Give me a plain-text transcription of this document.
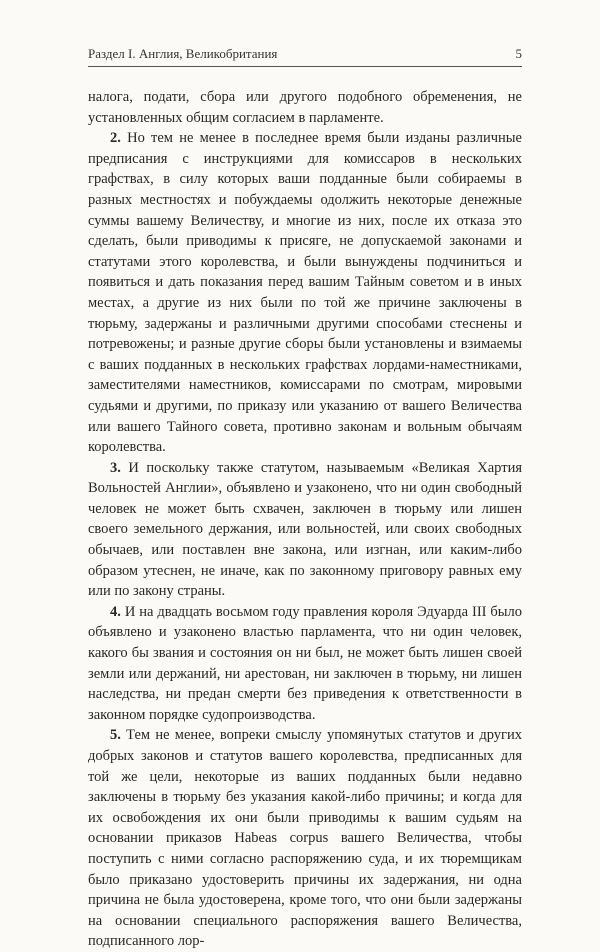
Раздел I. Англия, Великобритания	5

налога, подати, сбора или другого подобного обременения, не установленных общим согласием в парламенте.

2. Но тем не менее в последнее время были изданы различные предписания с инструкциями для комиссаров в нескольких графствах, в силу которых ваши подданные были собираемы в разных местностях и побуждаемы одолжить некоторые денежные суммы вашему Величеству, и многие из них, после их отказа это сделать, были приводимы к присяге, не допускаемой законами и статутами этого королевства, и были вынуждены подчиниться и появиться и дать показания перед вашим Тайным советом и в иных местах, а другие из них были по той же причине заключены в тюрьму, задержаны и различными другими способами стеснены и потревожены; и разные другие сборы были установлены и взимаемы с ваших подданных в нескольких графствах лордами-наместниками, заместителями наместников, комиссарами по смотрам, мировыми судьями и другими, по приказу или указанию от вашего Величества или вашего Тайного совета, противно законам и вольным обычаям королевства.

3. И поскольку также статутом, называемым «Великая Хартия Вольностей Англии», объявлено и узаконено, что ни один свободный человек не может быть схвачен, заключен в тюрьму или лишен своего земельного держания, или вольностей, или своих свободных обычаев, или поставлен вне закона, или изгнан, или каким-либо образом утеснен, не иначе, как по законному приговору равных ему или по закону страны.

4. И на двадцать восьмом году правления короля Эдуарда III было объявлено и узаконено властью парламента, что ни один человек, какого бы звания и состояния он ни был, не может быть лишен своей земли или держаний, ни арестован, ни заключен в тюрьму, ни лишен наследства, ни предан смерти без приведения к ответственности в законном порядке судопроизводства.

5. Тем не менее, вопреки смыслу упомянутых статутов и других добрых законов и статутов вашего королевства, предписанных для той же цели, некоторые из ваших подданных были недавно заключены в тюрьму без указания какой-либо причины; и когда для их освобождения их они были приводимы к вашим судьям на основании приказов Habeas corpus вашего Величества, чтобы поступить с ними согласно распоряжению суда, и их тюремщикам было приказано удостоверить причины их задержания, ни одна причина не была удостоверена, кроме того, что они были задержаны на основании специального распоряжения вашего Величества, подписанного лор-
